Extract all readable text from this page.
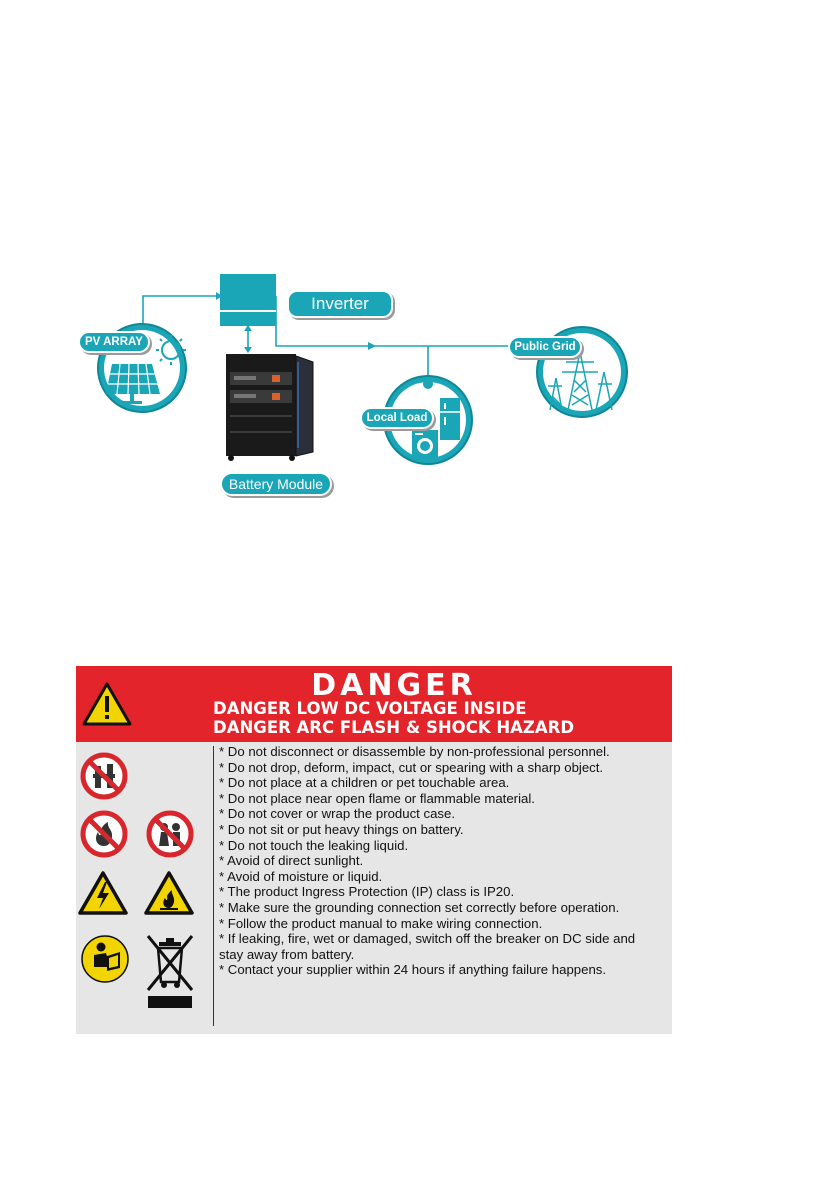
Inverter
PV ARRAY	Public Grid
Local Load
Battery Module
DANGER
DANGER LOW DC VOLTAGE INSIDE
DANGER ARC FLASH & SHOCK HAZARD
* Do not disconnect or disassemble by non-professional personnel.
* Do not drop, deform, impact, cut or spearing with a sharp object.
* Do not place at a children or pet touchable area.
* Do not place near open flame or flammable material.
* Do not cover or wrap the product case.
* Do not sit or put heavy things on battery.
* Do not touch the leaking liquid.
* Avoid of direct sunlight.
* Avoid of moisture or liquid.
* The product Ingress Protection (IP) class is IP20.
* Make sure the grounding connection set correctly before operation.
* Follow the product manual to make wiring connection.
* If leaking, fire, wet or damaged, switch off the breaker on DC side and stay away from battery.
* Contact your supplier within 24 hours if anything failure happens.
